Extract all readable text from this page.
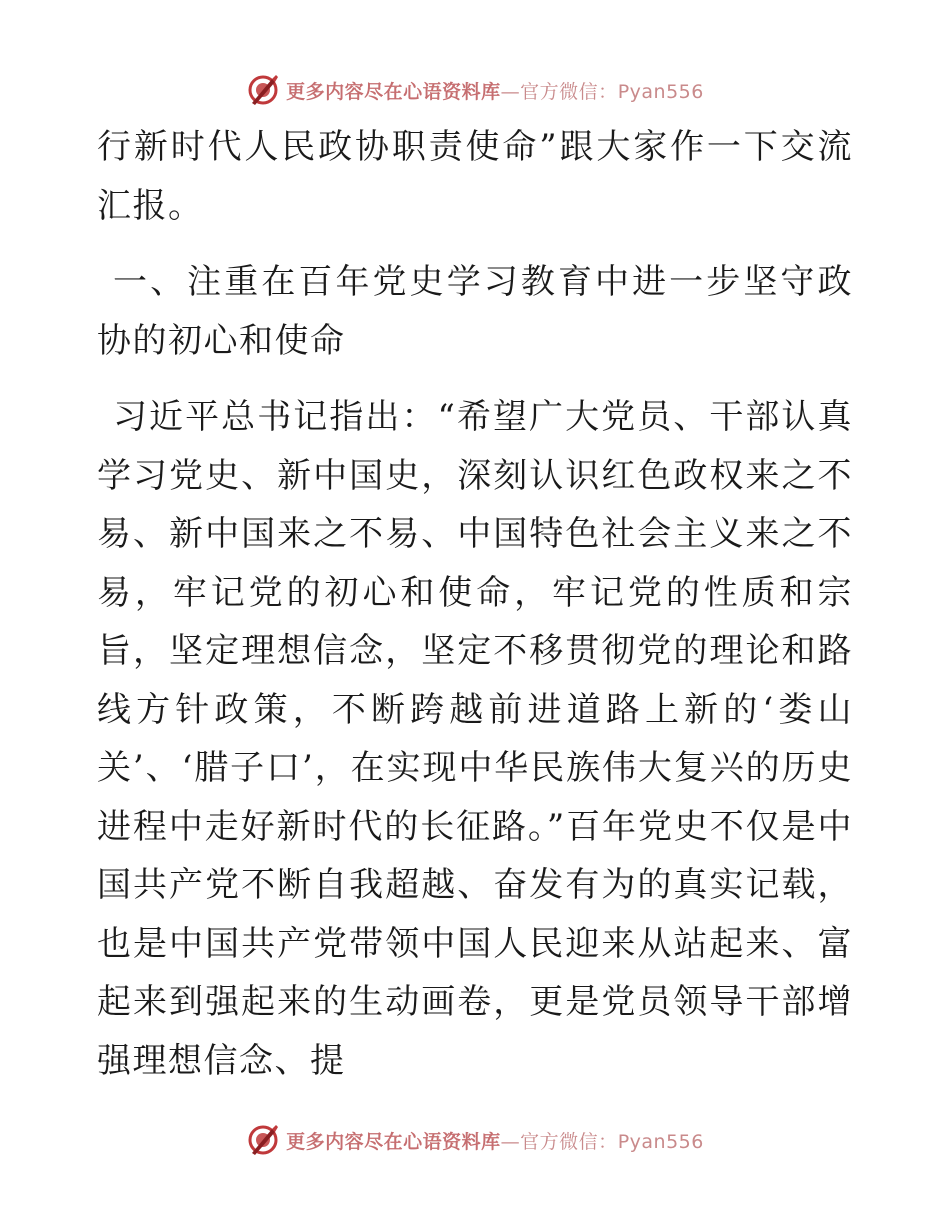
更多内容尽在心语资料库—官方微信：Pyan556

行新时代人民政协职责使命”跟大家作一下交流汇报。

一、注重在百年党史学习教育中进一步坚守政协的初心和使命

习近平总书记指出：“希望广大党员、干部认真学习党史、新中国史，深刻认识红色政权来之不易、新中国来之不易、中国特色社会主义来之不易，牢记党的初心和使命，牢记党的性质和宗旨，坚定理想信念，坚定不移贯彻党的理论和路线方针政策，不断跨越前进道路上新的‘娄山关’、‘腊子口’，在实现中华民族伟大复兴的历史进程中走好新时代的长征路。”百年党史不仅是中国共产党不断自我超越、奋发有为的真实记载，也是中国共产党带领中国人民迎来从站起来、富起来到强起来的生动画卷，更是党员领导干部增强理想信念、提

更多内容尽在心语资料库—官方微信：Pyan556
